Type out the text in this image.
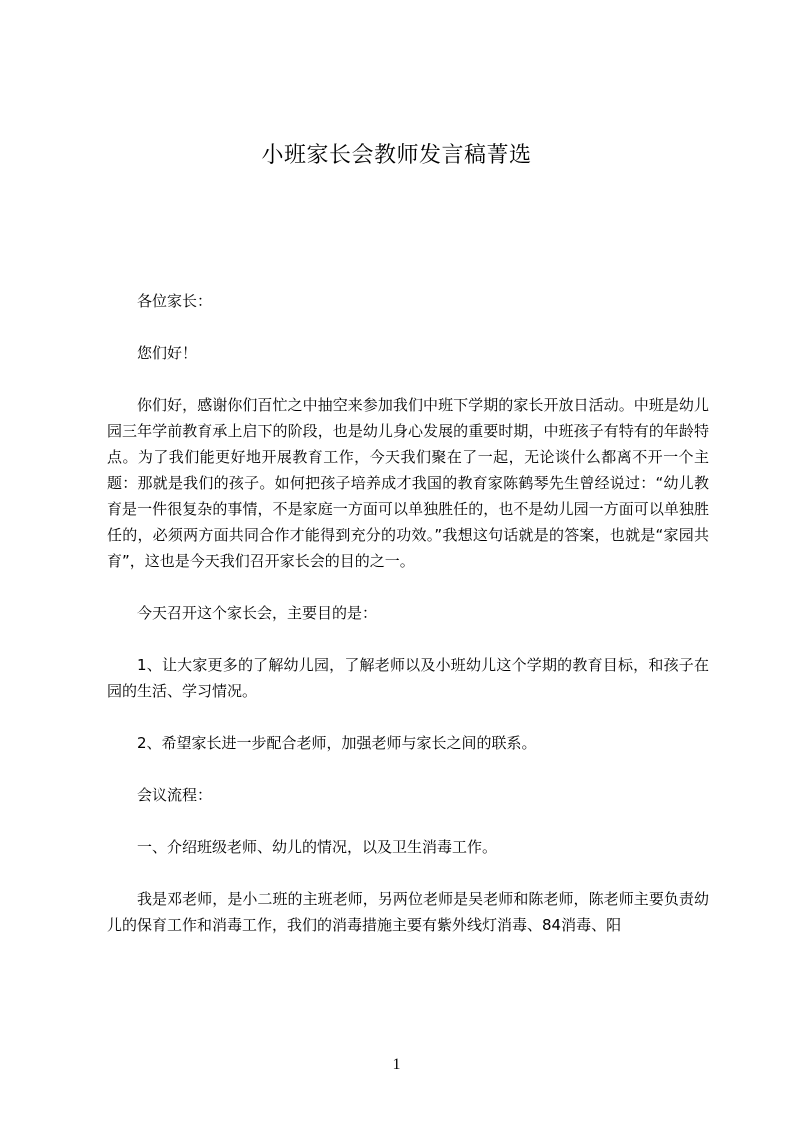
小班家长会教师发言稿菁选

各位家长：

您们好！

你们好，感谢你们百忙之中抽空来参加我们中班下学期的家长开放日活动。中班是幼儿园三年学前教育承上启下的阶段，也是幼儿身心发展的重要时期，中班孩子有特有的年龄特点。为了我们能更好地开展教育工作，今天我们聚在了一起，无论谈什么都离不开一个主题：那就是我们的孩子。如何把孩子培养成才我国的教育家陈鹤琴先生曾经说过：“幼儿教育是一件很复杂的事情，不是家庭一方面可以单独胜任的，也不是幼儿园一方面可以单独胜任的，必须两方面共同合作才能得到充分的功效。”我想这句话就是的答案，也就是“家园共育”，这也是今天我们召开家长会的目的之一。

今天召开这个家长会，主要目的是：

1、让大家更多的了解幼儿园，了解老师以及小班幼儿这个学期的教育目标，和孩子在园的生活、学习情况。

2、希望家长进一步配合老师，加强老师与家长之间的联系。

会议流程：

一、介绍班级老师、幼儿的情况，以及卫生消毒工作。

我是邓老师，是小二班的主班老师，另两位老师是吴老师和陈老师，陈老师主要负责幼儿的保育工作和消毒工作，我们的消毒措施主要有紫外线灯消毒、84消毒、阳

1
